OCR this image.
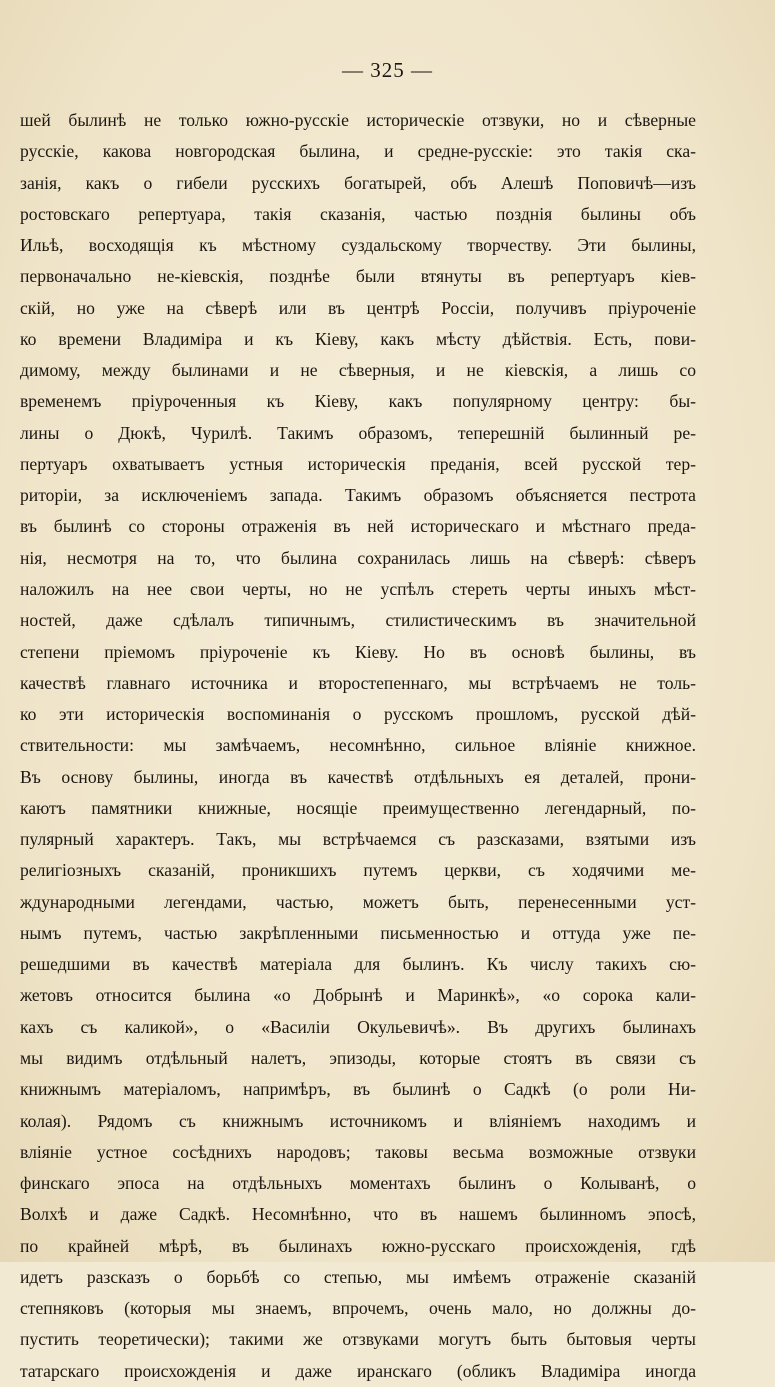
— 325 —
шей былинѣ не только южно-русскіе историческіе отзвуки, но и сѣверные
русскіе, какова новгородская былина, и средне-русскіе: это такія ска-
занія, какъ о гибели русскихъ богатырей, объ Алешѣ Поповичѣ—изъ
ростовскаго репертуара, такія сказанія, частью позднія былины объ
Ильѣ, восходящія къ мѣстному суздальскому творчеству. Эти былины,
первоначально не-кіевскія, позднѣе были втянуты въ репертуаръ кіев-
скій, но уже на сѣверѣ или въ центрѣ Россіи, получивъ пріуроченіе
ко времени Владиміра и къ Кіеву, какъ мѣсту дѣйствія. Есть, пови-
димому, между былинами и не сѣверныя, и не кіевскія, а лишь со
временемъ пріуроченныя къ Кіеву, какъ популярному центру: бы-
лины о Дюкѣ, Чурилѣ. Такимъ образомъ, теперешній былинный ре-
пертуаръ охватываетъ устныя историческія преданія, всей русской тер-
риторіи, за исключеніемъ запада. Такимъ образомъ объясняется пестрота
въ былинѣ со стороны отраженія въ ней историческаго и мѣстнаго преда-
нія, несмотря на то, что былина сохранилась лишь на сѣверѣ: сѣверъ
наложилъ на нее свои черты, но не успѣлъ стереть черты иныхъ мѣст-
ностей, даже сдѣлалъ типичнымъ, стилистическимъ въ значительной
степени пріемомъ пріуроченіе къ Кіеву. Но въ основѣ былины, въ
качествѣ главнаго источника и второстепеннаго, мы встрѣчаемъ не толь-
ко эти историческія воспоминанія о русскомъ прошломъ, русской дѣй-
ствительности: мы замѣчаемъ, несомнѣнно, сильное вліяніе книжное.
Въ основу былины, иногда въ качествѣ отдѣльныхъ ея деталей, прони-
каютъ памятники книжные, носящіе преимущественно легендарный, по-
пулярный характеръ. Такъ, мы встрѣчаемся съ разсказами, взятыми изъ
религіозныхъ сказаній, проникшихъ путемъ церкви, съ ходячими ме-
ждународными легендами, частью, можетъ быть, перенесенными уст-
нымъ путемъ, частью закрѣпленными письменностью и оттуда уже пе-
решедшими въ качествѣ матеріала для былинъ. Къ числу такихъ сю-
жетовъ относится былина «о Добрынѣ и Маринкѣ», «о сорока кали-
кахъ съ каликой», о «Василіи Окульевичѣ». Въ другихъ былинахъ
мы видимъ отдѣльный налетъ, эпизоды, которые стоятъ въ связи съ
книжнымъ матеріаломъ, напримѣръ, въ былинѣ о Садкѣ (о роли Ни-
колая). Рядомъ съ книжнымъ источникомъ и вліяніемъ находимъ и
вліяніе устное сосѣднихъ народовъ; таковы весьма возможные отзвуки
финскаго эпоса на отдѣльныхъ моментахъ былинъ о Колыванѣ, о
Волхѣ и даже Садкѣ. Несомнѣнно, что въ нашемъ былинномъ эпосѣ,
по крайней мѣрѣ, въ былинахъ южно-русскаго происхожденія, гдѣ
идетъ разсказъ о борьбѣ со степью, мы имѣемъ отраженіе сказаній
степняковъ (которыя мы знаемъ, впрочемъ, очень мало, но должны до-
пустить теоретически); такими же отзвуками могутъ быть бытовыя черты
татарскаго происхожденія и даже иранскаго (обликъ Владиміра иногда
